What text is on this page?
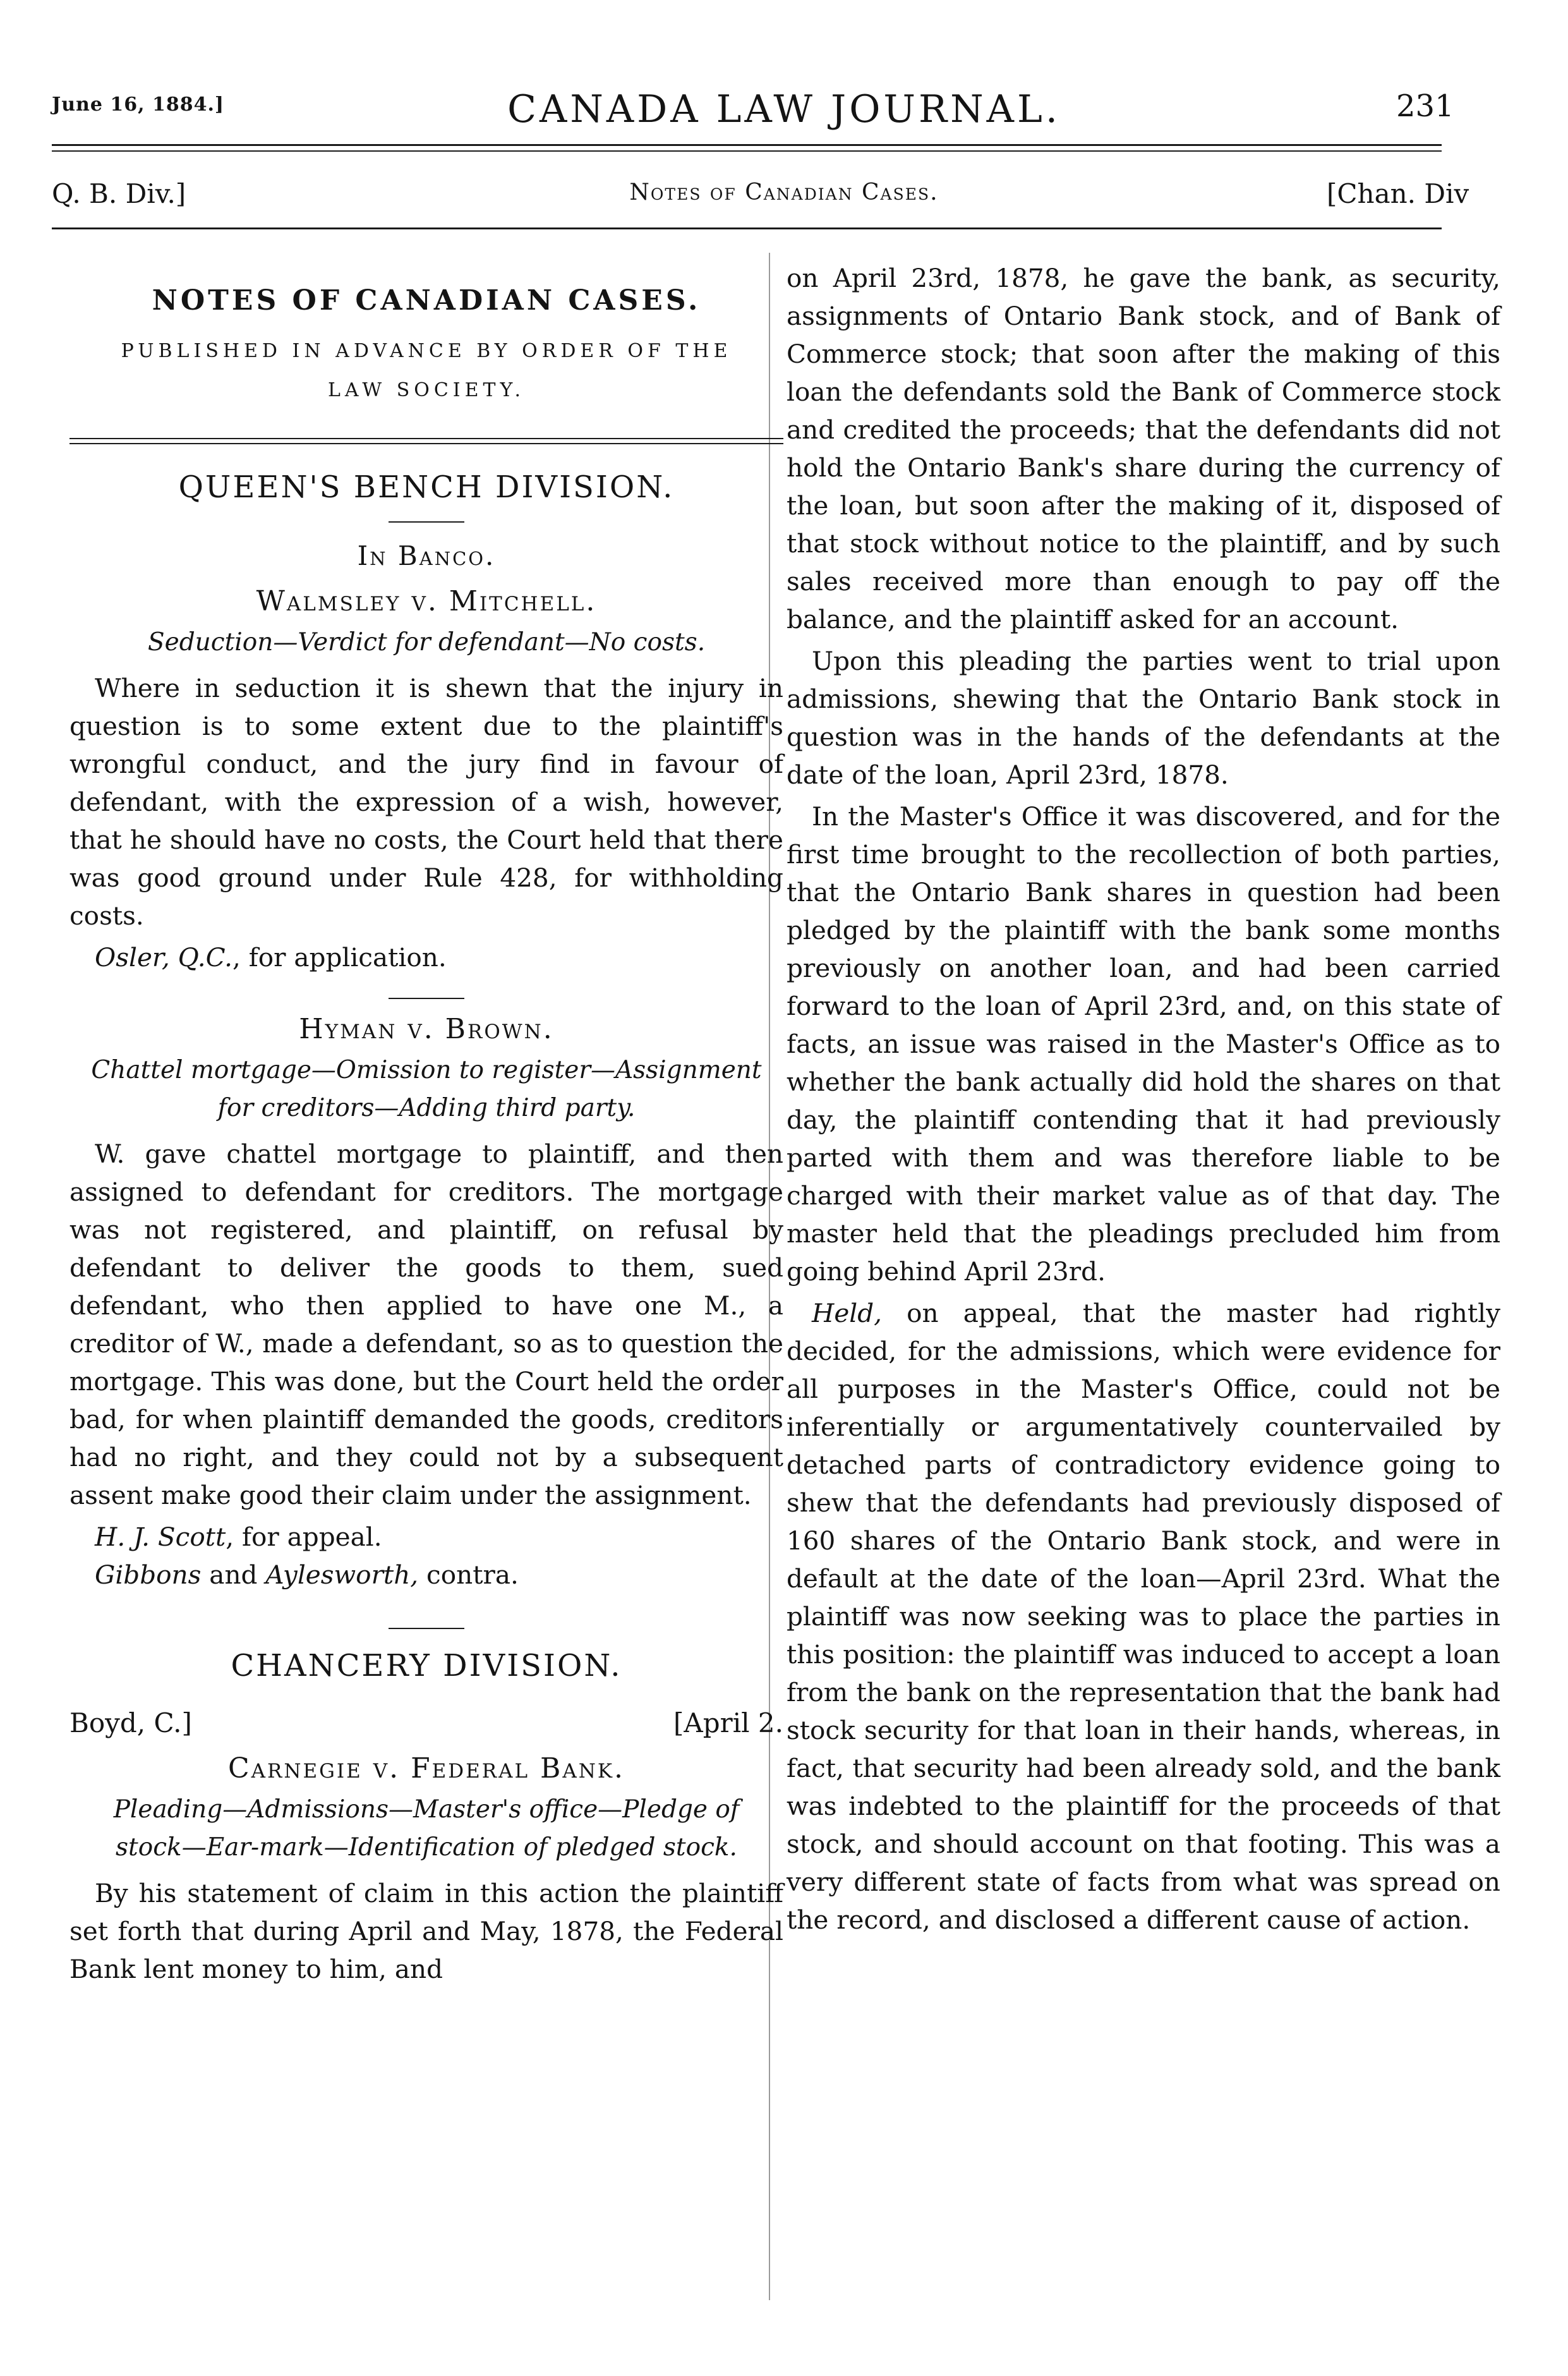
June 16, 1884.]	CANADA LAW JOURNAL.	231
Q. B. Div.]	Notes of Canadian Cases.	[Chan. Div
NOTES OF CANADIAN CASES.
PUBLISHED IN ADVANCE BY ORDER OF THE
LAW SOCIETY.
QUEEN'S BENCH DIVISION.
In Banco.
Walmsley v. Mitchell.
Seduction—Verdict for defendant—No costs.

Where in seduction it is shewn that the injury in question is to some extent due to the plaintiff's wrongful conduct, and the jury find in favour of defendant, with the expression of a wish, however, that he should have no costs, the Court held that there was good ground under Rule 428, for withholding costs.

Osler, Q.C., for application.

Hyman v. Brown.
Chattel mortgage—Omission to register—Assignment for creditors—Adding third party.

W. gave chattel mortgage to plaintiff, and then assigned to defendant for creditors. The mortgage was not registered, and plaintiff, on refusal by defendant to deliver the goods to them, sued defendant, who then applied to have one M., a creditor of W., made a defendant, so as to question the mortgage. This was done, but the Court held the order bad, for when plaintiff demanded the goods, creditors had no right, and they could not by a subsequent assent make good their claim under the assignment.

H. J. Scott, for appeal.

Gibbons and Aylesworth, contra.

CHANCERY DIVISION.
Boyd, C.]	[April 2.
Carnegie v. Federal Bank.
Pleading—Admissions—Master's office—Pledge of stock—Ear-mark—Identification of pledged stock.

By his statement of claim in this action the plaintiff set forth that during April and May, 1878, the Federal Bank lent money to him, and

on April 23rd, 1878, he gave the bank, as security, assignments of Ontario Bank stock, and of Bank of Commerce stock; that soon after the making of this loan the defendants sold the Bank of Commerce stock and credited the proceeds; that the defendants did not hold the Ontario Bank's share during the currency of the loan, but soon after the making of it, disposed of that stock without notice to the plaintiff, and by such sales received more than enough to pay off the balance, and the plaintiff asked for an account.

Upon this pleading the parties went to trial upon admissions, shewing that the Ontario Bank stock in question was in the hands of the defendants at the date of the loan, April 23rd, 1878.

In the Master's Office it was discovered, and for the first time brought to the recollection of both parties, that the Ontario Bank shares in question had been pledged by the plaintiff with the bank some months previously on another loan, and had been carried forward to the loan of April 23rd, and, on this state of facts, an issue was raised in the Master's Office as to whether the bank actually did hold the shares on that day, the plaintiff contending that it had previously parted with them and was therefore liable to be charged with their market value as of that day. The master held that the pleadings precluded him from going behind April 23rd.

Held, on appeal, that the master had rightly decided, for the admissions, which were evidence for all purposes in the Master's Office, could not be inferentially or argumentatively countervailed by detached parts of contradictory evidence going to shew that the defendants had previously disposed of 160 shares of the Ontario Bank stock, and were in default at the date of the loan—April 23rd. What the plaintiff was now seeking was to place the parties in this position: the plaintiff was induced to accept a loan from the bank on the representation that the bank had stock security for that loan in their hands, whereas, in fact, that security had been already sold, and the bank was indebted to the plaintiff for the proceeds of that stock, and should account on that footing. This was a very different state of facts from what was spread on the record, and disclosed a different cause of action.
